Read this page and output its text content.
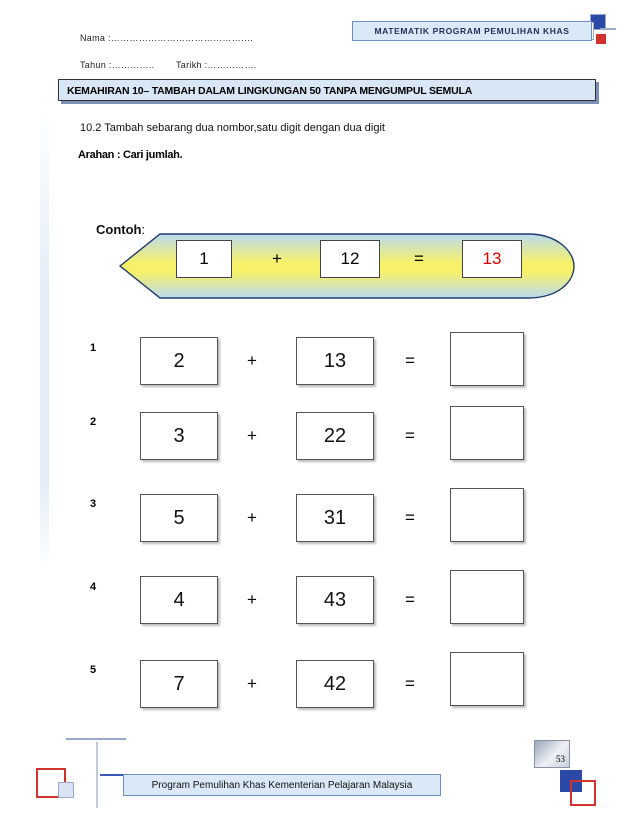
Nama :……………………………………….
Tahun :………….. Tarikh :…………….
MATEMATIK PROGRAM PEMULIHAN KHAS
KEMAHIRAN 10– TAMBAH DALAM LINGKUNGAN 50 TANPA MENGUMPUL SEMULA
10.2 Tambah sebarang dua nombor,satu digit dengan dua digit
Arahan : Cari jumlah.
Contoh:
1	+	12	=	13
1
2	+	13	=
2
3	+	22	=
3
5	+	31	=
4
4	+	43	=
5
7	+	42	=
53
Program Pemulihan Khas Kementerian Pelajaran Malaysia
